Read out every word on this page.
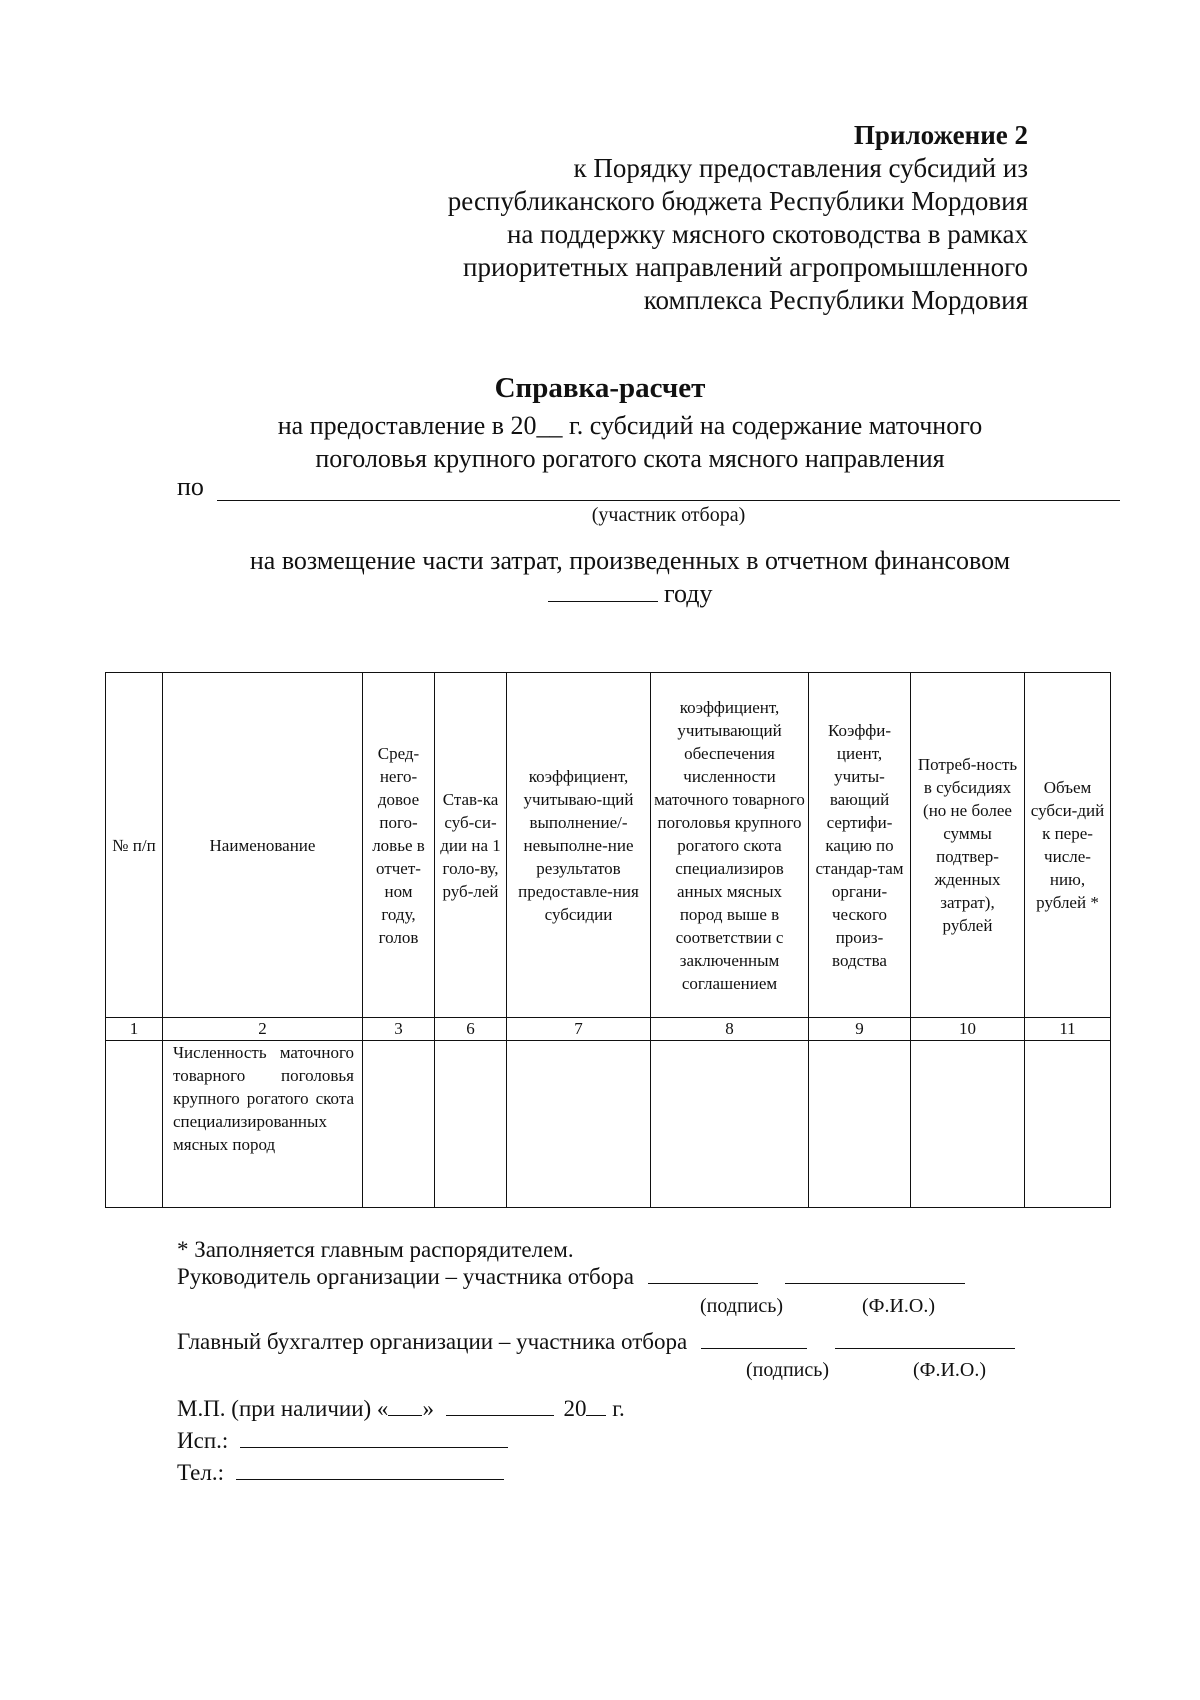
Приложение 2
к Порядку предоставления субсидий из
республиканского бюджета Республики Мордовия
на поддержку мясного скотоводства в рамках
приоритетных направлений агропромышленного
комплекса Республики Мордовия
Справка-расчет
на предоставление в 20__ г. субсидий на содержание маточного
поголовья крупного рогатого скота мясного направления
по
(участник отбора)
на возмещение части затрат, произведенных в отчетном финансовом
году
№ п/п	Наименование	Сред-него-довое пого-ловье в отчет-ном году, голов	Став-ка суб-си-дии на 1 голо-ву, руб-лей	коэффициент, учитываю-щий выполнение/-невыполне-ние результатов предоставле-ния субсидии	коэффициент, учитывающий обеспечения численности маточного товарного поголовья крупного рогатого скота специализиров анных мясных пород выше в соответствии с заключенным соглашением	Коэффи-циент, учиты-вающий сертифи-кацию по стандар-там органи-ческого произ-водства	Потреб-ность в субсидиях (но не более суммы подтвер-жденных затрат), рублей	Объем субси-дий к пере-числе-нию, рублей *
1	2	3	6	7	8	9	10	11
	Численность маточного товарного поголовья крупного рогатого скота специализированных мясных пород							
* Заполняется главным распорядителем.
Руководитель организации – участника отбора
(подпись)	(Ф.И.О.)
Главный бухгалтер организации – участника отбора
(подпись)	(Ф.И.О.)
М.П. (при наличии) « »	20 г.
Исп.:
Тел.:
